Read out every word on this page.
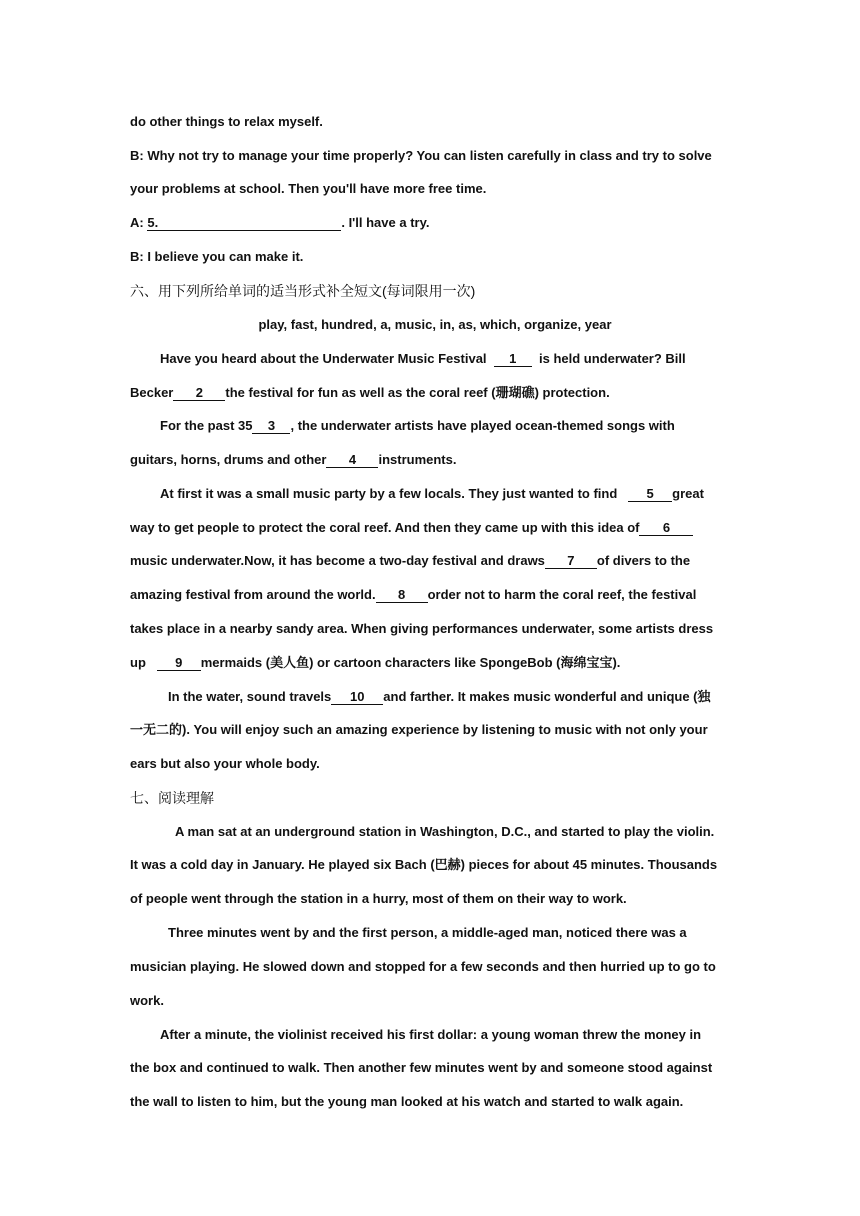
do other things to relax myself.
B: Why not try to manage your time properly? You can listen carefully in class and try to solve
your problems at school. Then you'll have more free time.
A: 5.	. I'll have a try.
B: I believe you can make it.
六、用下列所给单词的适当形式补全短文(每词限用一次)
play, fast, hundred, a, music, in, as, which, organize, year
Have you heard about the Underwater Music Festival 1 is held underwater? Bill
Becker 2 the festival for fun as well as the coral reef (珊瑚礁) protection.
For the past 35 3 , the underwater artists have played ocean-themed songs with
guitars, horns, drums and other 4 instruments.
At first it was a small music party by a few locals. They just wanted to find 5 great
way to get people to protect the coral reef. And then they came up with this idea of 6
music underwater.Now, it has become a two-day festival and draws 7 of divers to the
amazing festival from around the world. 8 order not to harm the coral reef, the festival
takes place in a nearby sandy area. When giving performances underwater, some artists dress
up 9 mermaids (美人鱼) or cartoon characters like SpongeBob (海绵宝宝).
In the water, sound travels 10 and farther. It makes music wonderful and unique (独
一无二的). You will enjoy such an amazing experience by listening to music with not only your
ears but also your whole body.
七、阅读理解
A man sat at an underground station in Washington, D.C., and started to play the violin.
It was a cold day in January. He played six Bach (巴赫) pieces for about 45 minutes. Thousands
of people went through the station in a hurry, most of them on their way to work.
Three minutes went by and the first person, a middle-aged man, noticed there was a
musician playing. He slowed down and stopped for a few seconds and then hurried up to go to
work.
After a minute, the violinist received his first dollar: a young woman threw the money in
the box and continued to walk. Then another few minutes went by and someone stood against
the wall to listen to him, but the young man looked at his watch and started to walk again.
